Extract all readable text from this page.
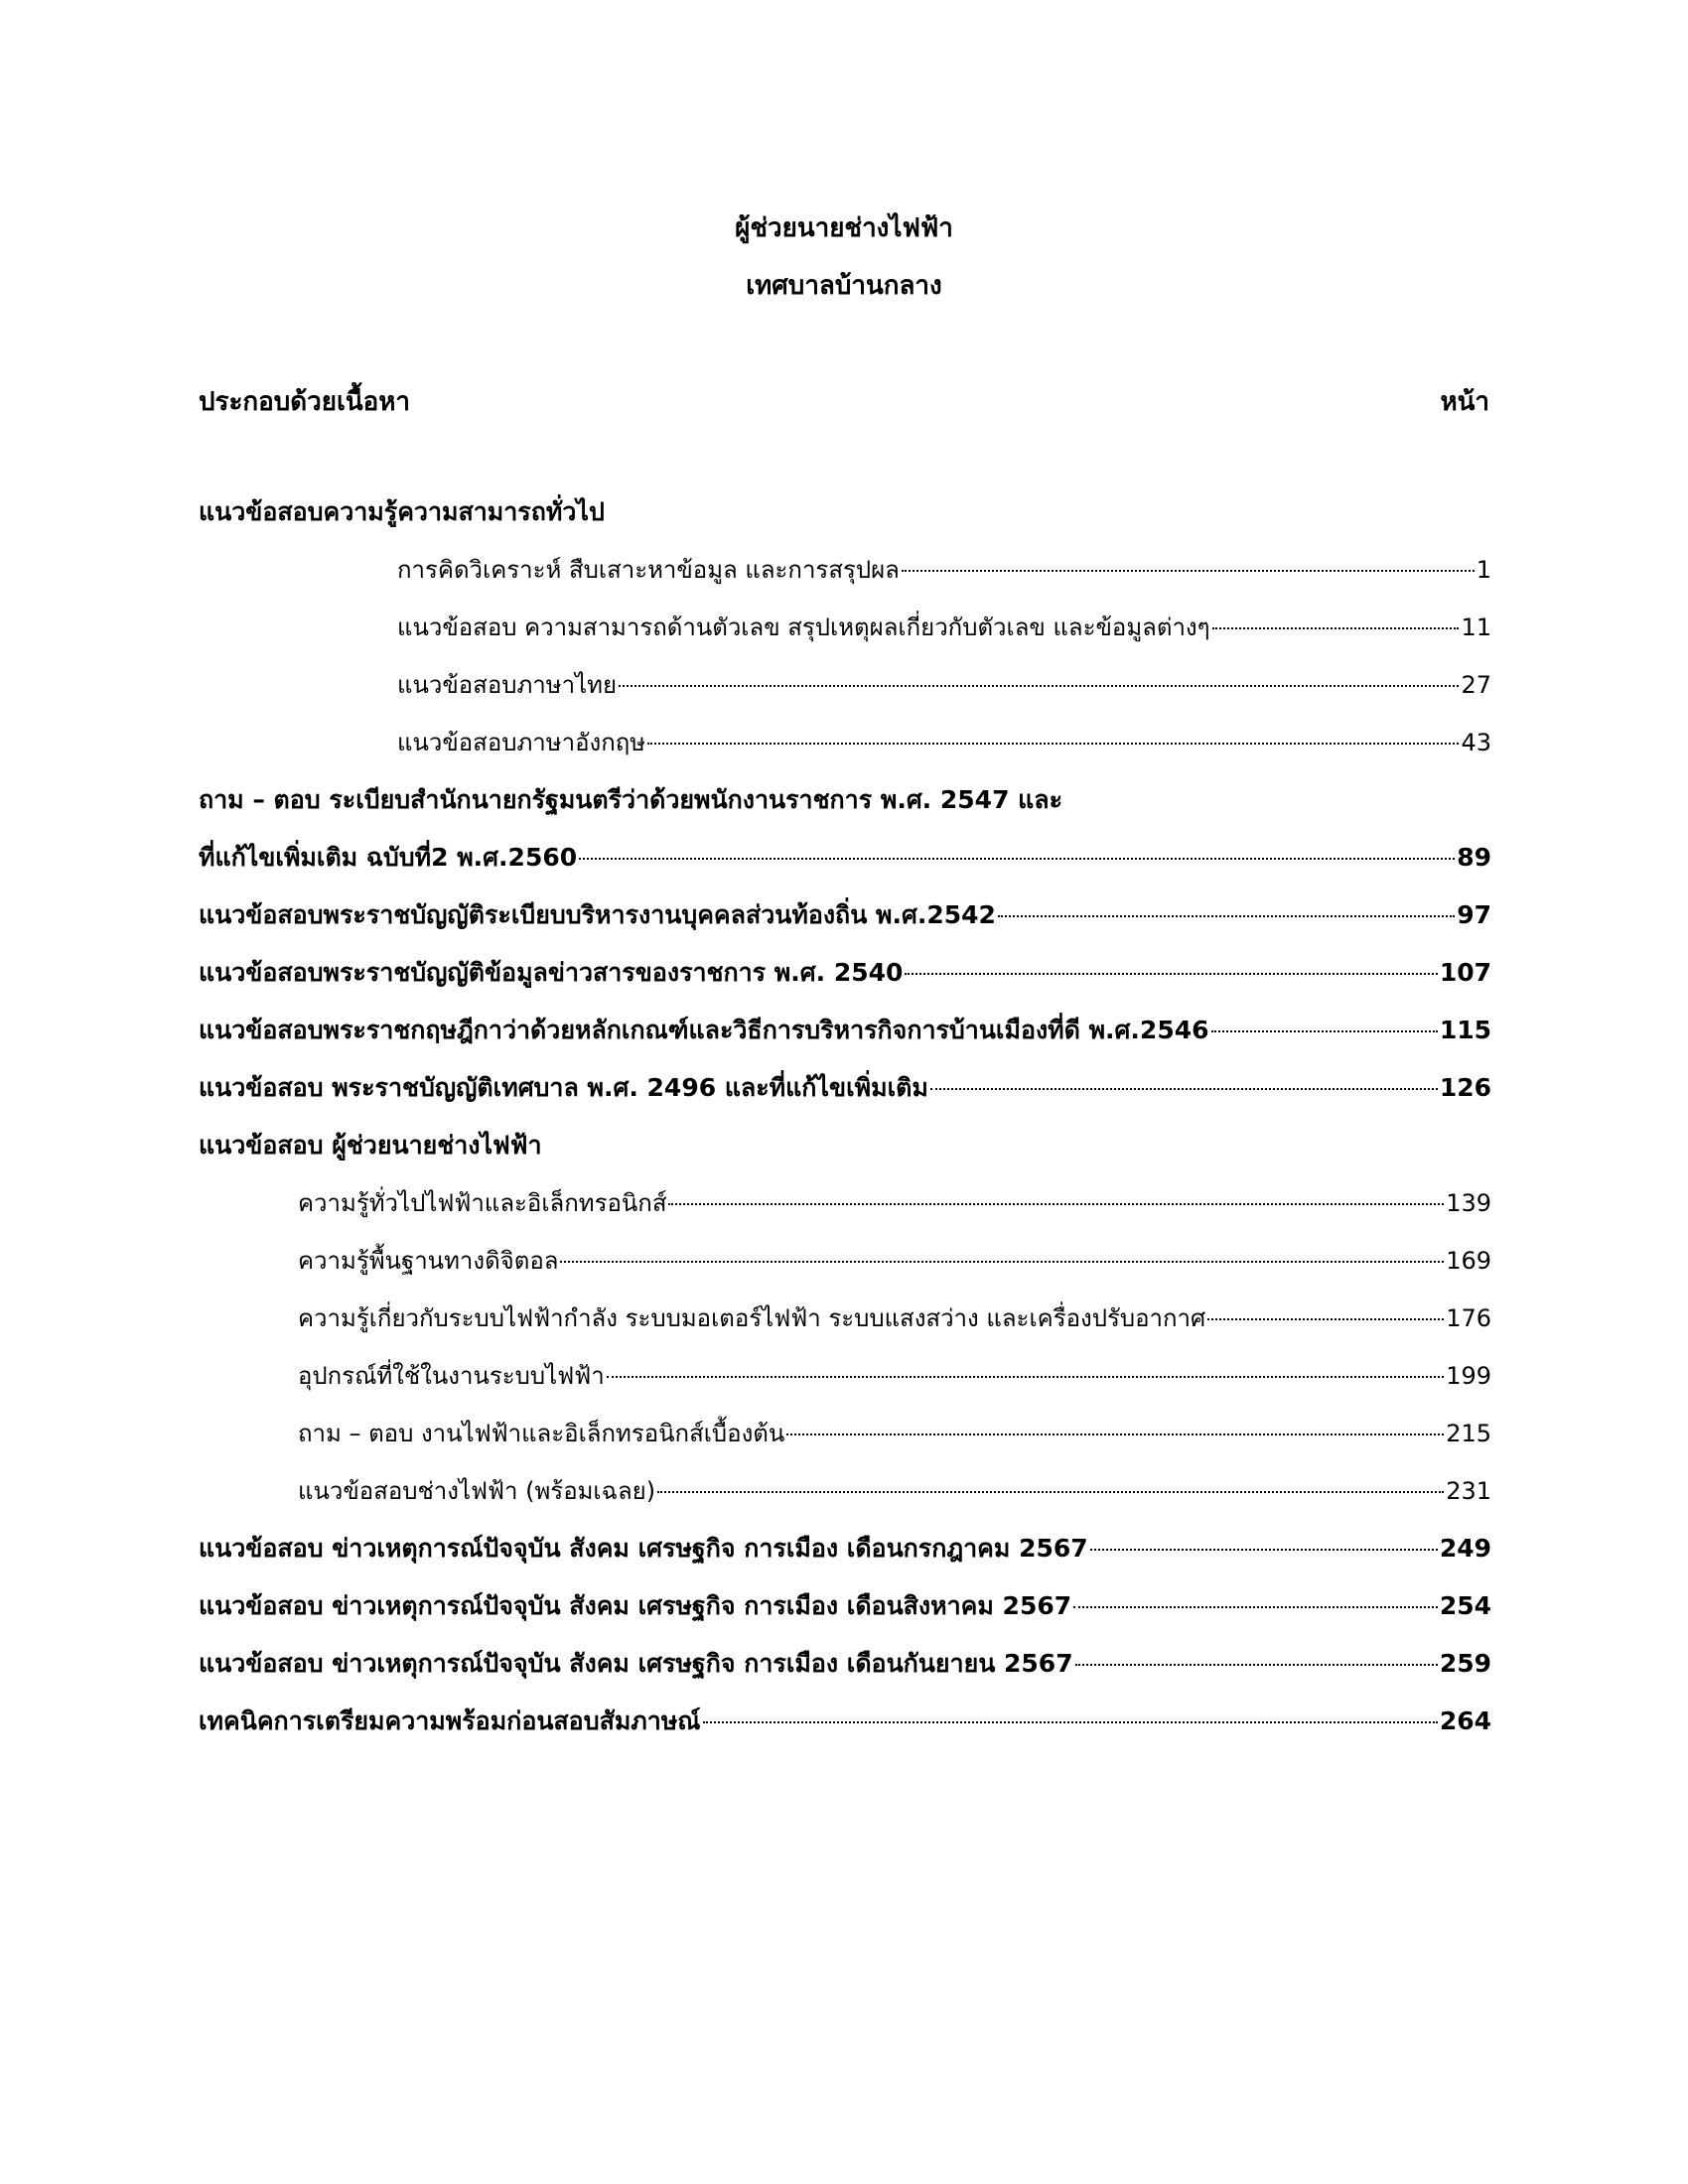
ผู้ช่วยนายช่างไฟฟ้า
เทศบาลบ้านกลาง
ประกอบด้วยเนื้อหา	หน้า
แนวข้อสอบความรู้ความสามารถทั่วไป
การคิดวิเคราะห์ สืบเสาะหาข้อมูล และการสรุปผล	1
แนวข้อสอบ ความสามารถด้านตัวเลข สรุปเหตุผลเกี่ยวกับตัวเลข และข้อมูลต่างๆ	11
แนวข้อสอบภาษาไทย	27
แนวข้อสอบภาษาอังกฤษ	43
ถาม – ตอบ ระเบียบสำนักนายกรัฐมนตรีว่าด้วยพนักงานราชการ พ.ศ. 2547 และ
ที่แก้ไขเพิ่มเติม ฉบับที่2 พ.ศ.2560	89
แนวข้อสอบพระราชบัญญัติระเบียบบริหารงานบุคคลส่วนท้องถิ่น พ.ศ.2542	97
แนวข้อสอบพระราชบัญญัติข้อมูลข่าวสารของราชการ พ.ศ. 2540	107
แนวข้อสอบพระราชกฤษฎีกาว่าด้วยหลักเกณฑ์และวิธีการบริหารกิจการบ้านเมืองที่ดี พ.ศ.2546	115
แนวข้อสอบ พระราชบัญญัติเทศบาล พ.ศ. 2496 และที่แก้ไขเพิ่มเติม	126
แนวข้อสอบ ผู้ช่วยนายช่างไฟฟ้า
ความรู้ทั่วไปไฟฟ้าและอิเล็กทรอนิกส์	139
ความรู้พื้นฐานทางดิจิตอล	169
ความรู้เกี่ยวกับระบบไฟฟ้ากำลัง ระบบมอเตอร์ไฟฟ้า ระบบแสงสว่าง และเครื่องปรับอากาศ	176
อุปกรณ์ที่ใช้ในงานระบบไฟฟ้า	199
ถาม – ตอบ งานไฟฟ้าและอิเล็กทรอนิกส์เบื้องต้น	215
แนวข้อสอบช่างไฟฟ้า (พร้อมเฉลย)	231
แนวข้อสอบ ข่าวเหตุการณ์ปัจจุบัน สังคม เศรษฐกิจ การเมือง เดือนกรกฎาคม 2567	249
แนวข้อสอบ ข่าวเหตุการณ์ปัจจุบัน สังคม เศรษฐกิจ การเมือง เดือนสิงหาคม 2567	254
แนวข้อสอบ ข่าวเหตุการณ์ปัจจุบัน สังคม เศรษฐกิจ การเมือง เดือนกันยายน 2567	259
เทคนิคการเตรียมความพร้อมก่อนสอบสัมภาษณ์	264
